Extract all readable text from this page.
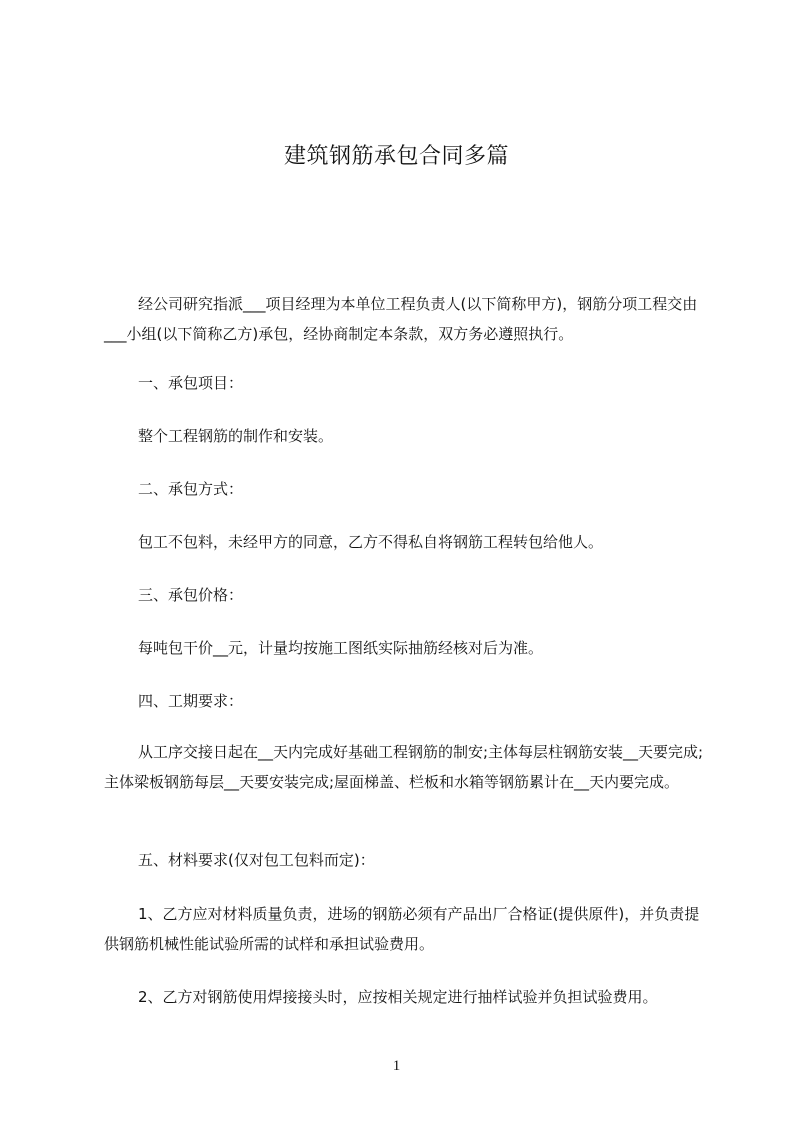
建筑钢筋承包合同多篇

经公司研究指派___项目经理为本单位工程负责人(以下简称甲方)，钢筋分项工程交由___小组(以下简称乙方)承包，经协商制定本条款，双方务必遵照执行。

一、承包项目：

整个工程钢筋的制作和安装。

二、承包方式：

包工不包料，未经甲方的同意，乙方不得私自将钢筋工程转包给他人。

三、承包价格：

每吨包干价__元，计量均按施工图纸实际抽筋经核对后为准。

四、工期要求：

从工序交接日起在__天内完成好基础工程钢筋的制安;主体每层柱钢筋安装__天要完成;主体梁板钢筋每层__天要安装完成;屋面梯盖、栏板和水箱等钢筋累计在__天内要完成。

五、材料要求(仅对包工包料而定)：

1、乙方应对材料质量负责，进场的钢筋必须有产品出厂合格证(提供原件)，并负责提供钢筋机械性能试验所需的试样和承担试验费用。

2、乙方对钢筋使用焊接接头时，应按相关规定进行抽样试验并负担试验费用。

1
